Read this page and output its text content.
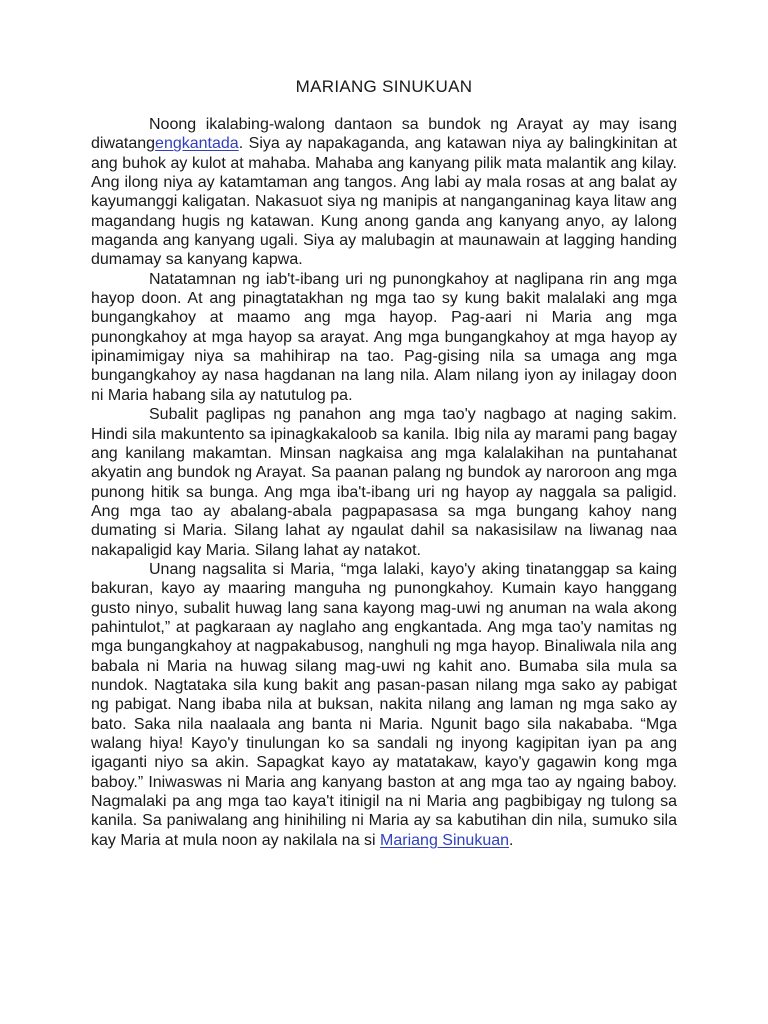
MARIANG SINUKUAN

Noong ikalabing-walong dantaon sa bundok ng Arayat ay may isang diwatangengkantada. Siya ay napakaganda, ang katawan niya ay balingkinitan at ang buhok ay kulot at mahaba. Mahaba ang kanyang pilik mata malantik ang kilay. Ang ilong niya ay katamtaman ang tangos. Ang labi ay mala rosas at ang balat ay kayumanggi kaligatan. Nakasuot siya ng manipis at nanganganinag kaya litaw ang magandang hugis ng katawan. Kung anong ganda ang kanyang anyo, ay lalong maganda ang kanyang ugali. Siya ay malubagin at maunawain at lagging handing dumamay sa kanyang kapwa.

Natatamnan ng iab't-ibang uri ng punongkahoy at naglipana rin ang mga hayop doon. At ang pinagtatakhan ng mga tao sy kung bakit malalaki ang mga bungangkahoy at maamo ang mga hayop. Pag-aari ni Maria ang mga punongkahoy at mga hayop sa arayat. Ang mga bungangkahoy at mga hayop ay ipinamimigay niya sa mahihirap na tao. Pag-gising nila sa umaga ang mga bungangkahoy ay nasa hagdanan na lang nila. Alam nilang iyon ay inilagay doon ni Maria habang sila ay natutulog pa.

Subalit paglipas ng panahon ang mga tao'y nagbago at naging sakim. Hindi sila makuntento sa ipinagkakaloob sa kanila. Ibig nila ay marami pang bagay ang kanilang makamtan. Minsan nagkaisa ang mga kalalakihan na puntahanat akyatin ang bundok ng Arayat. Sa paanan palang ng bundok ay naroroon ang mga punong hitik sa bunga. Ang mga iba't-ibang uri ng hayop ay naggala sa paligid. Ang mga tao ay abalang-abala pagpapasasa sa mga bungang kahoy nang dumating si Maria. Silang lahat ay ngaulat dahil sa nakasisilaw na liwanag naa nakapaligid kay Maria. Silang lahat ay natakot.

Unang nagsalita si Maria, “mga lalaki, kayo'y aking tinatanggap sa kaing bakuran, kayo ay maaring manguha ng punongkahoy. Kumain kayo hanggang gusto ninyo, subalit huwag lang sana kayong mag-uwi ng anuman na wala akong pahintulot,” at pagkaraan ay naglaho ang engkantada. Ang mga tao'y namitas ng mga bungangkahoy at nagpakabusog, nanghuli ng mga hayop. Binaliwala nila ang babala ni Maria na huwag silang mag-uwi ng kahit ano. Bumaba sila mula sa nundok. Nagtataka sila kung bakit ang pasan-pasan nilang mga sako ay pabigat ng pabigat. Nang ibaba nila at buksan, nakita nilang ang laman ng mga sako ay bato. Saka nila naalaala ang banta ni Maria. Ngunit bago sila nakababa. “Mga walang hiya! Kayo'y tinulungan ko sa sandali ng inyong kagipitan iyan pa ang igaganti niyo sa akin. Sapagkat kayo ay matatakaw, kayo'y gagawin kong mga baboy.” Iniwaswas ni Maria ang kanyang baston at ang mga tao ay ngaing baboy. Nagmalaki pa ang mga tao kaya't itinigil na ni Maria ang pagbibigay ng tulong sa kanila. Sa paniwalang ang hinihiling ni Maria ay sa kabutihan din nila, sumuko sila kay Maria at mula noon ay nakilala na si Mariang Sinukuan.
